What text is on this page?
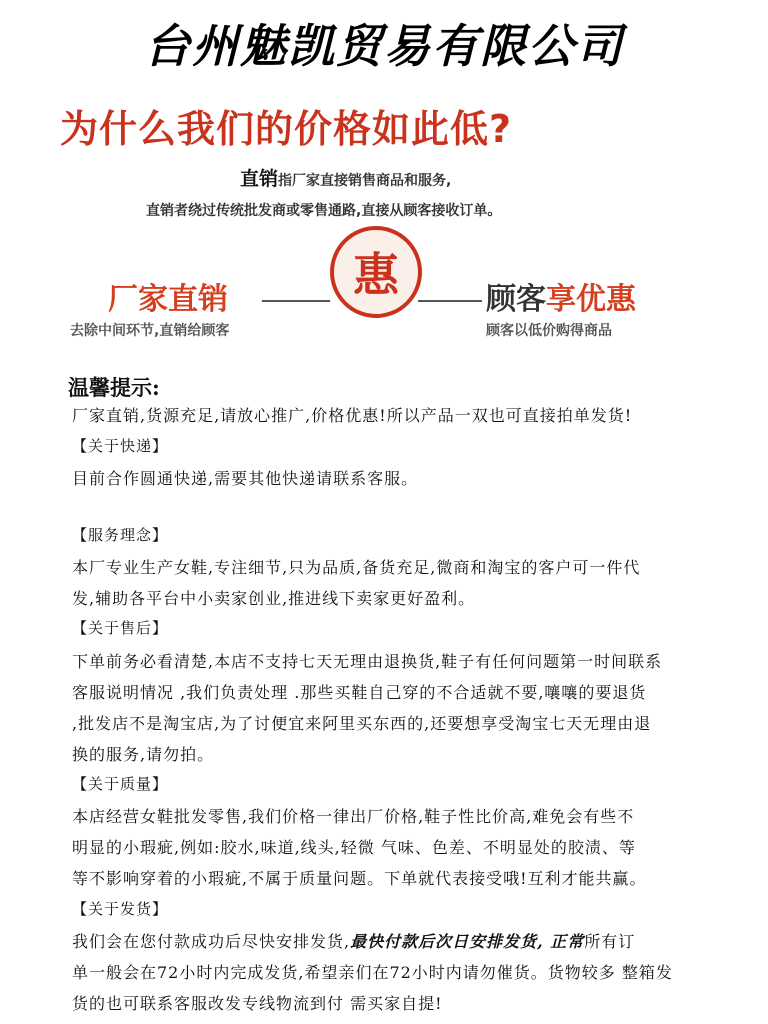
台州魅凯贸易有限公司
为什么我们的价格如此低?
直销指厂家直接销售商品和服务,
直销者绕过传统批发商或零售通路,直接从顾客接收订单。
厂家直销	惠	顾客享优惠
去除中间环节,直销给顾客	顾客以低价购得商品
温馨提示:
厂家直销,货源充足,请放心推广,价格优惠!所以产品一双也可直接拍单发货!
【关于快递】
目前合作圆通快递,需要其他快递请联系客服。
【服务理念】
本厂专业生产女鞋,专注细节,只为品质,备货充足,微商和淘宝的客户可一件代
发,辅助各平台中小卖家创业,推进线下卖家更好盈利。
【关于售后】
下单前务必看清楚,本店不支持七天无理由退换货,鞋子有任何问题第一时间联系
客服说明情况 ,我们负责处理 .那些买鞋自己穿的不合适就不要,嚷嚷的要退货
,批发店不是淘宝店,为了讨便宜来阿里买东西的,还要想享受淘宝七天无理由退
换的服务,请勿拍。
【关于质量】
本店经营女鞋批发零售,我们价格一律出厂价格,鞋子性比价高,难免会有些不
明显的小瑕疵,例如:胶水,味道,线头,轻微 气味、色差、不明显处的胶渍、等
等不影响穿着的小瑕疵,不属于质量问题。下单就代表接受哦!互利才能共赢。
【关于发货】
我们会在您付款成功后尽快安排发货,最快付款后次日安排发货, 正常所有订
单一般会在72小时内完成发货,希望亲们在72小时内请勿催货。货物较多 整箱发
货的也可联系客服改发专线物流到付 需买家自提!
